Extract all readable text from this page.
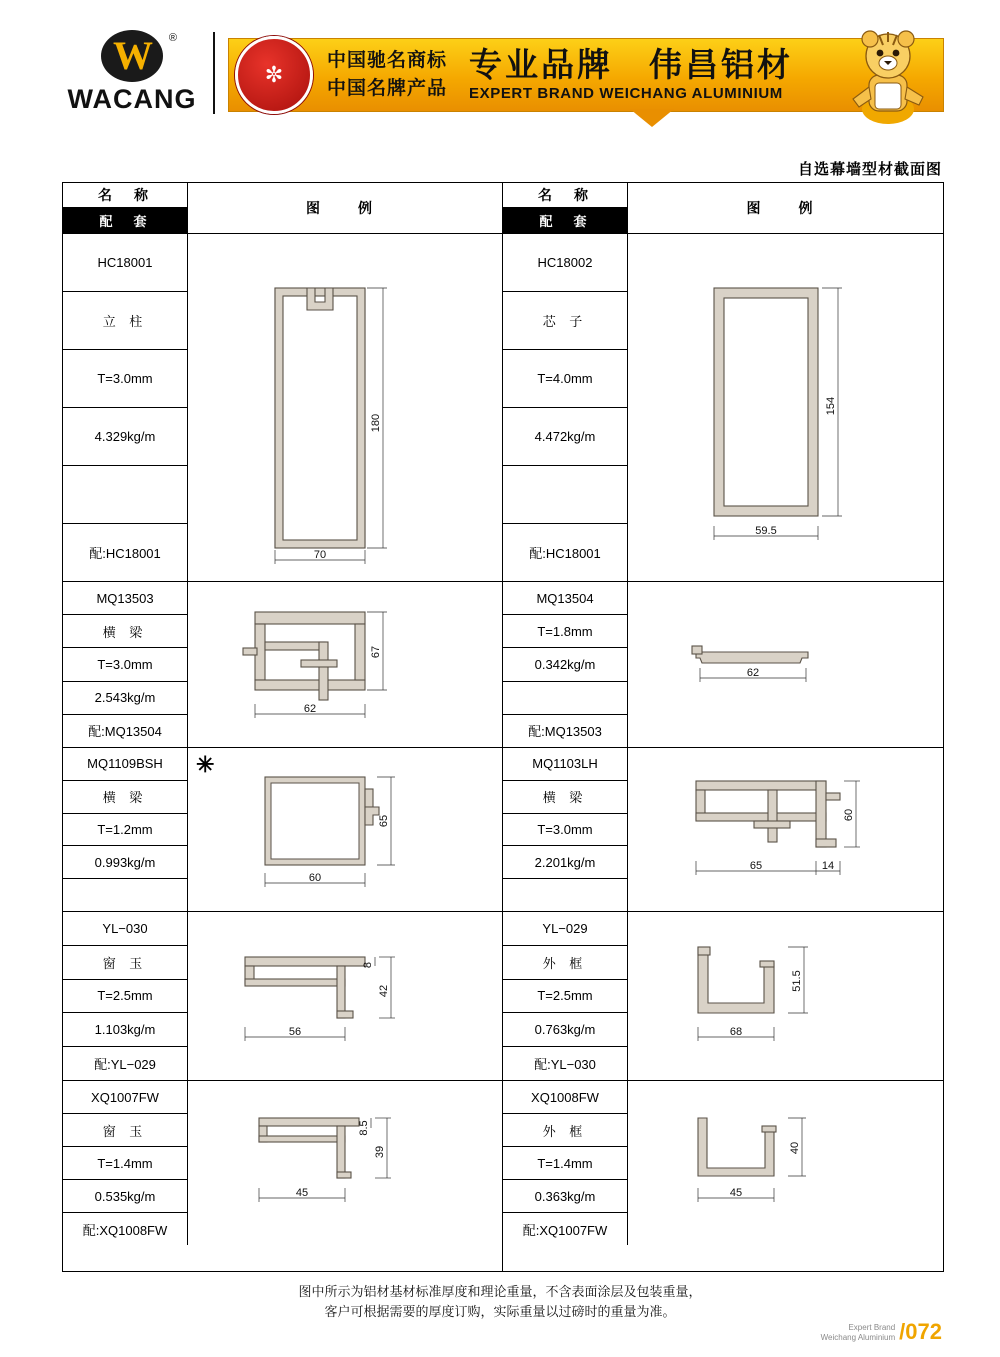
W ®
WACANG
✼
中国驰名商标
中国名牌产品
专业品牌　伟昌铝材
EXPERT BRAND WEICHANG ALUMINIUM
自选幕墙型材截面图
名　称
配　套
图　例
HC18001
立 柱
T=3.0mm
4.329kg/m
配:HC18001
180
70
MQ13503
横 梁
T=3.0mm
2.543kg/m
配:MQ13504
67
62
MQ1109BSH
横 梁
T=1.2mm
0.993kg/m
✳
65
60
YL−030
窗 玉
T=2.5mm
1.103kg/m
配:YL−029
8
42
56
XQ1007FW
窗 玉
T=1.4mm
0.535kg/m
配:XQ1008FW
8.5
39
45
名　称
配　套
图　例
HC18002
芯 子
T=4.0mm
4.472kg/m
配:HC18001
154
59.5
MQ13504
T=1.8mm
0.342kg/m
配:MQ13503
62
MQ1103LH
横 梁
T=3.0mm
2.201kg/m
60
65	14
YL−029
外 框
T=2.5mm
0.763kg/m
配:YL−030
51.5
68
XQ1008FW
外 框
T=1.4mm
0.363kg/m
配:XQ1007FW
40
45
图中所示为铝材基材标准厚度和理论重量，不含表面涂层及包装重量，
客户可根据需要的厚度订购，实际重量以过磅时的重量为准。
Expert Brand
Weichang Aluminium /072
